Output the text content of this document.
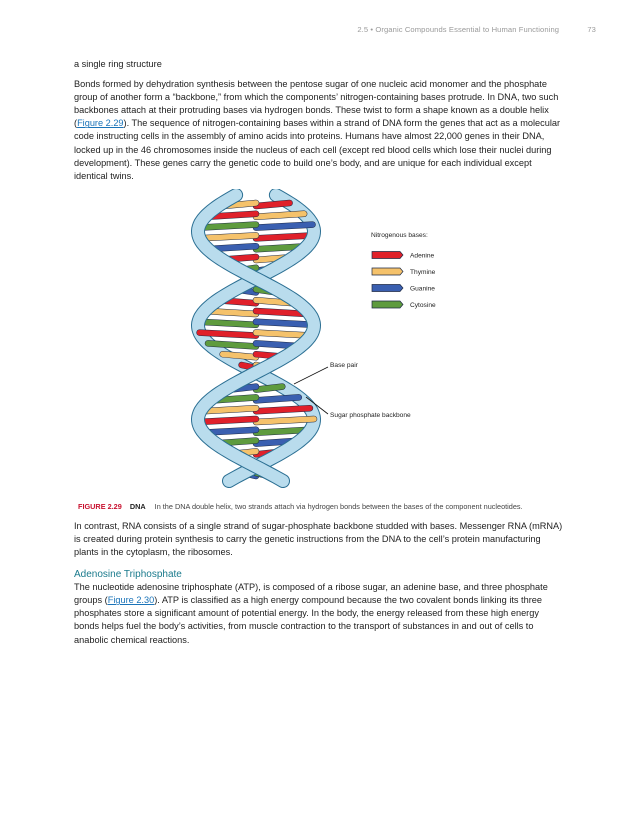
2.5 • Organic Compounds Essential to Human Functioning	73

a single ring structure

Bonds formed by dehydration synthesis between the pentose sugar of one nucleic acid monomer and the phosphate group of another form a “backbone,” from which the components’ nitrogen-containing bases protrude. In DNA, two such backbones attach at their protruding bases via hydrogen bonds. These twist to form a shape known as a double helix (Figure 2.29). The sequence of nitrogen-containing bases within a strand of DNA form the genes that act as a molecular code instructing cells in the assembly of amino acids into proteins. Humans have almost 22,000 genes in their DNA, locked up in the 46 chromosomes inside the nucleus of each cell (except red blood cells which lose their nuclei during development). These genes carry the genetic code to build one’s body, and are unique for each individual except identical twins.

Nitrogenous bases:
Adenine
Thymine
Guanine
Cytosine
Base pair
Sugar phosphate backbone

FIGURE 2.29 DNA In the DNA double helix, two strands attach via hydrogen bonds between the bases of the component nucleotides.

In contrast, RNA consists of a single strand of sugar-phosphate backbone studded with bases. Messenger RNA (mRNA) is created during protein synthesis to carry the genetic instructions from the DNA to the cell’s protein manufacturing plants in the cytoplasm, the ribosomes.

Adenosine Triphosphate

The nucleotide adenosine triphosphate (ATP), is composed of a ribose sugar, an adenine base, and three phosphate groups (Figure 2.30). ATP is classified as a high energy compound because the two covalent bonds linking its three phosphates store a significant amount of potential energy. In the body, the energy released from these high energy bonds helps fuel the body’s activities, from muscle contraction to the transport of substances in and out of cells to anabolic chemical reactions.
